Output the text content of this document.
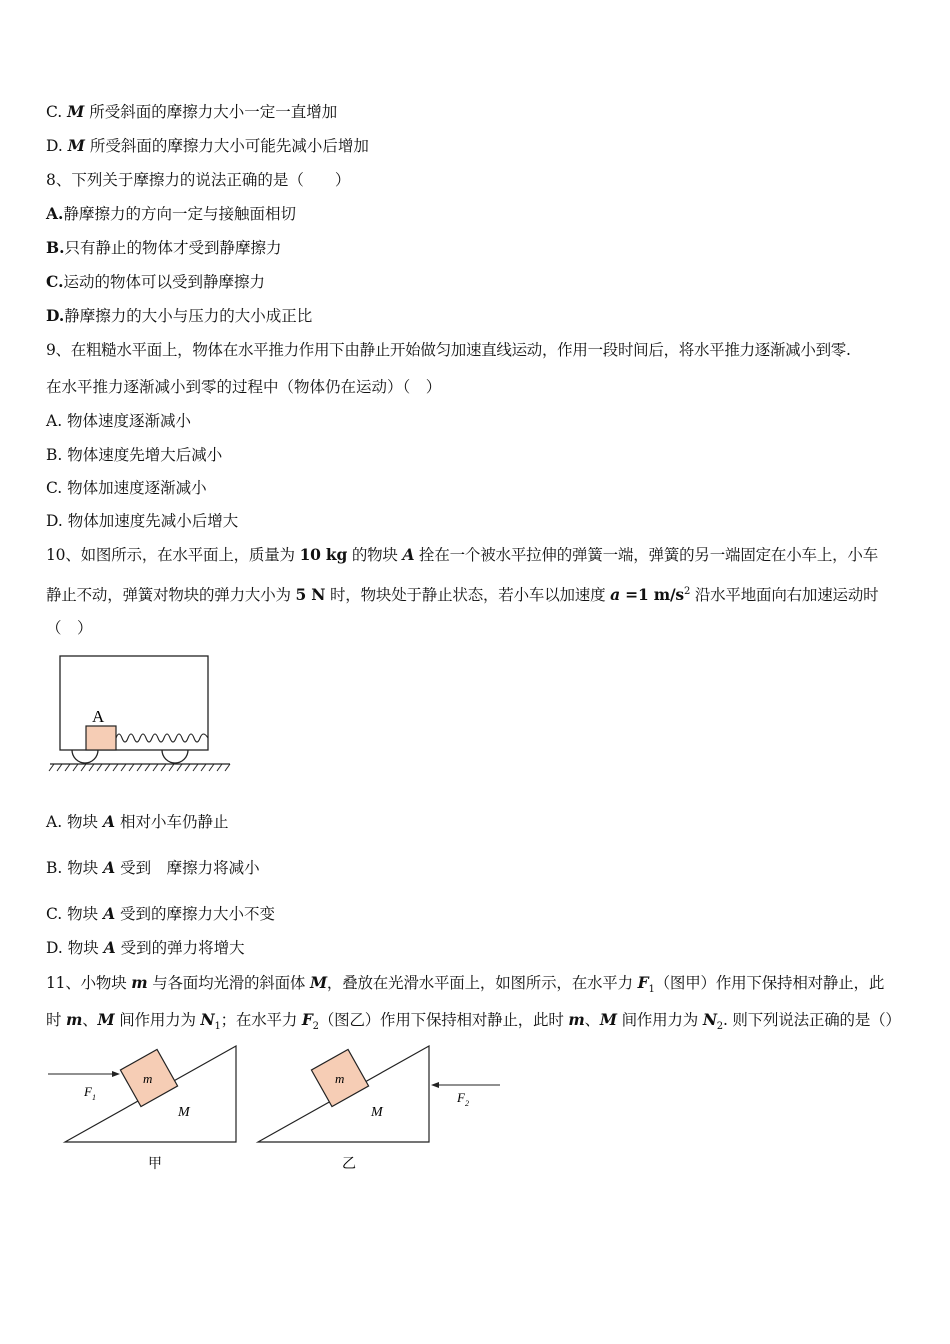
C. M 所受斜面的摩擦力大小一定一直增加
D. M 所受斜面的摩擦力大小可能先减小后增加
8、下列关于摩擦力的说法正确的是（　　）
A.静摩擦力的方向一定与接触面相切
B.只有静止的物体才受到静摩擦力
C.运动的物体可以受到静摩擦力
D.静摩擦力的大小与压力的大小成正比
9、在粗糙水平面上，物体在水平推力作用下由静止开始做匀加速直线运动，作用一段时间后，将水平推力逐渐减小到零.
在水平推力逐渐减小到零的过程中（物体仍在运动）（　）
A. 物体速度逐渐减小
B. 物体速度先增大后减小
C. 物体加速度逐渐减小
D. 物体加速度先减小后增大
10、如图所示，在水平面上，质量为 10 kg 的物块 A 拴在一个被水平拉伸的弹簧一端，弹簧的另一端固定在小车上，小车
静止不动，弹簧对物块的弹力大小为 5 N 时，物块处于静止状态，若小车以加速度 a =1 $m/s^2$ 沿水平地面向右加速运动时
（　）
A
A. 物块 A 相对小车仍静止
B. 物块 A 受到　摩擦力将减小
C. 物块 A 受到的摩擦力大小不变
D. 物块 A 受到的弹力将增大
11、小物块 m 与各面均光滑的斜面体 M，叠放在光滑水平面上，如图所示，在水平力 $F_1$（图甲）作用下保持相对静止，此
时 m、M 间作用力为 $N_1$；在水平力 $F_2$（图乙）作用下保持相对静止，此时 m、M 间作用力为 $N_2$. 则下列说法正确的是（）
m
M
$F_1$
甲
m
M
$F_2$
乙
